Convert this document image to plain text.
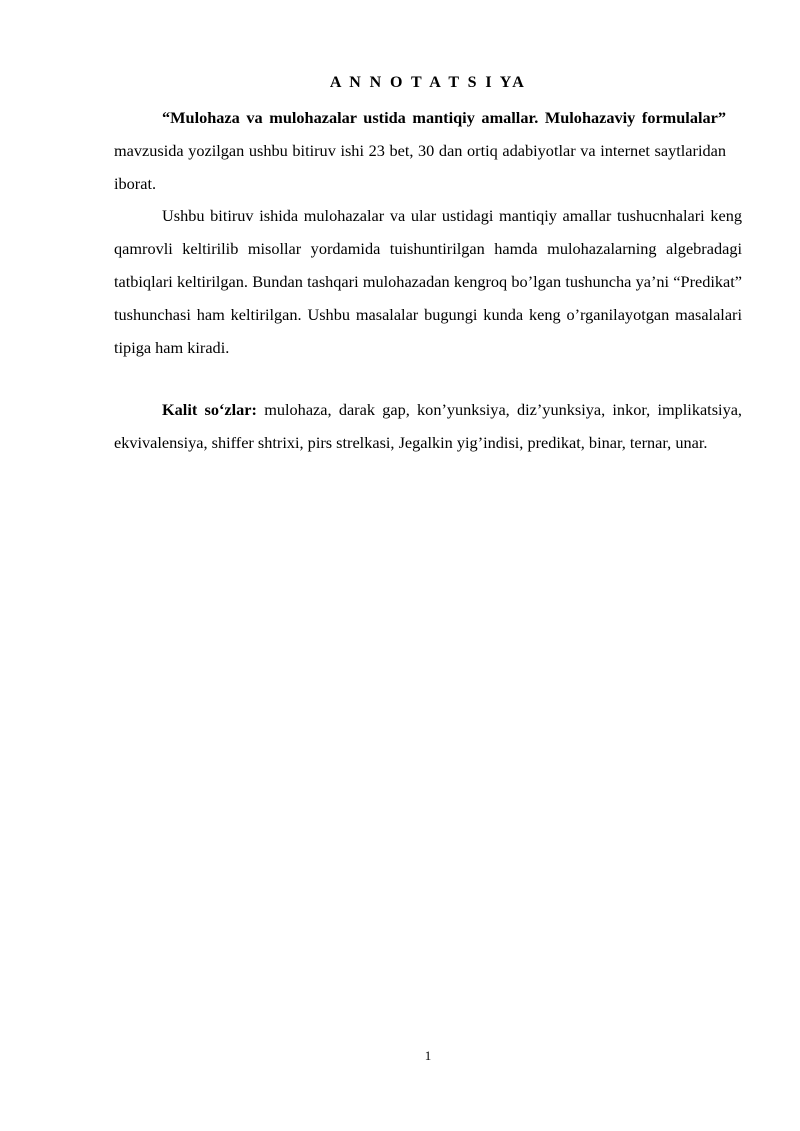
A N N O T A T S I YA

“Mulohaza va mulohazalar ustida mantiqiy amallar. Mulohazaviy formulalar” mavzusida yozilgan ushbu bitiruv ishi 23 bet, 30 dan ortiq adabiyotlar va internet saytlaridan iborat.

Ushbu bitiruv ishida mulohazalar va ular ustidagi mantiqiy amallar tushucnhalari keng qamrovli keltirilib misollar yordamida tuishuntirilgan hamda mulohazalarning algebradagi tatbiqlari keltirilgan. Bundan tashqari mulohazadan kengroq bo’lgan tushuncha ya’ni “Predikat” tushunchasi ham keltirilgan. Ushbu masalalar bugungi kunda keng o’rganilayotgan masalalari tipiga ham kiradi.

Kalit so‘zlar: mulohaza, darak gap, kon’yunksiya, diz’yunksiya, inkor, implikatsiya, ekvivalensiya, shiffer shtrixi, pirs strelkasi, Jegalkin yig’indisi, predikat, binar, ternar, unar.

1
